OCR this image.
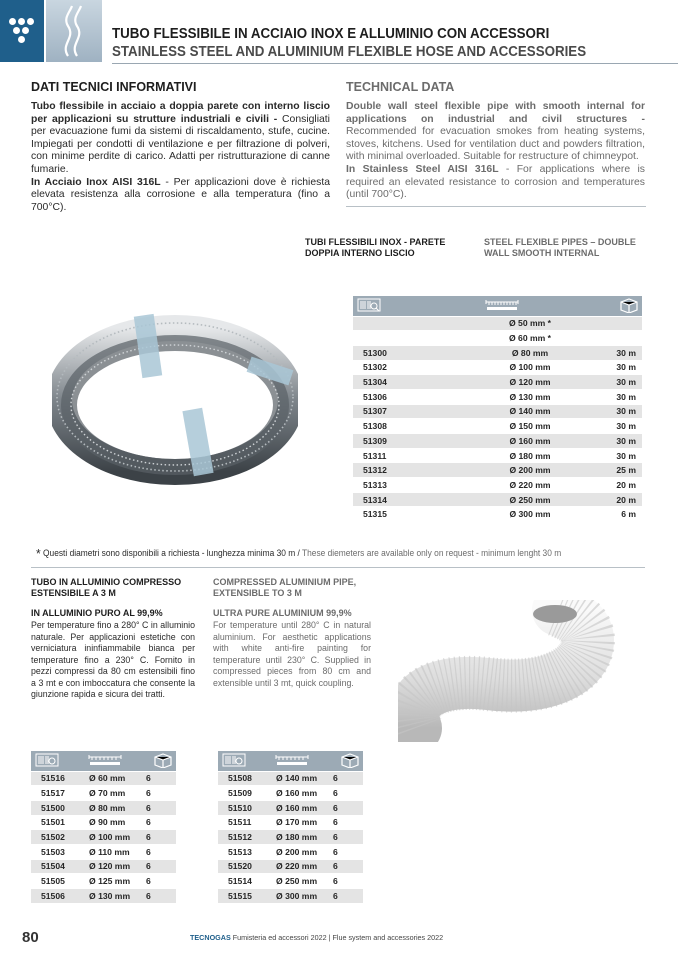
TUBO FLESSIBILE IN ACCIAIO INOX E ALLUMINIO CON ACCESSORI
STAINLESS STEEL AND ALUMINIUM FLEXIBLE HOSE AND ACCESSORIES
DATI TECNICI INFORMATIVI

Tubo flessibile in acciaio a doppia parete con interno liscio per applicazioni su strutture industriali e civili - Consigliati per evacuazione fumi da sistemi di riscaldamento, stufe, cucine. Impiegati per condotti di ventilazione e per filtrazione di polveri, con minime perdite di carico. Adatti per ristrutturazione di canne fumarie.

In Acciaio Inox AISI 316L - Per applicazioni dove è richiesta elevata resistenza alla corrosione e alla temperatura (fino a 700°C).

TECHNICAL DATA

Double wall steel flexible pipe with smooth internal for applications on industrial and civil structures - Recommended for evacuation smokes from heating systems, stoves, kitchens. Used for ventilation duct and powders filtration, with minimal overloaded. Suitable for restructure of chimneypot.

In Stainless Steel AISI 316L - For applications where is required an elevated resistance to corrosion and temperatures (until 700°C).

TUBI FLESSIBILI INOX - PARETE DOPPIA INTERNO LISCIO
STEEL FLEXIBLE PIPES – DOUBLE WALL SMOOTH INTERNAL

	Ø 50 mm *	
	Ø 60 mm *	
51300	Ø 80 mm	30 m
51302	Ø 100 mm	30 m
51304	Ø 120 mm	30 m
51306	Ø 130 mm	30 m
51307	Ø 140 mm	30 m
51308	Ø 150 mm	30 m
51309	Ø 160 mm	30 m
51311	Ø 180 mm	30 m
51312	Ø 200 mm	25 m
51313	Ø 220 mm	20 m
51314	Ø 250 mm	20 m
51315	Ø 300 mm	6 m
* Questi diametri sono disponibili a richiesta - lunghezza minima 30 m / These diemeters are available only on request - minimum lenght 30 m
TUBO IN ALLUMINIO COMPRESSO ESTENSIBILE A 3 M
IN ALLUMINIO PURO AL 99,9%

Per temperature fino a 280° C in alluminio naturale. Per applicazioni estetiche con verniciatura ininfiammabile bianca per temperature fino a 230° C. Fornito in pezzi compressi da 80 cm estensibili fino a 3 mt e con imboccatura che consente la giunzione rapida e sicura dei tratti.

COMPRESSED ALUMINIUM PIPE, EXTENSIBLE TO 3 M
ULTRA PURE ALUMINIUM 99,9%

For temperature until 280° C in natural aluminium. For aesthetic applications with white anti-fire painting for temperature until 230° C. Supplied in compressed pieces from 80 cm and extensible until 3 mt, quick coupling.

51516	Ø 60 mm	6
51517	Ø 70 mm	6
51500	Ø 80 mm	6
51501	Ø 90 mm	6
51502	Ø 100 mm	6
51503	Ø 110 mm	6
51504	Ø 120 mm	6
51505	Ø 125 mm	6
51506	Ø 130 mm	6

51508	Ø 140 mm	6
51509	Ø 160 mm	6
51510	Ø 160 mm	6
51511	Ø 170 mm	6
51512	Ø 180 mm	6
51513	Ø 200 mm	6
51520	Ø 220 mm	6
51514	Ø 250 mm	6
51515	Ø 300 mm	6
80	TECNOGAS Fumisteria ed accessori 2022 | Flue system and accessories 2022
